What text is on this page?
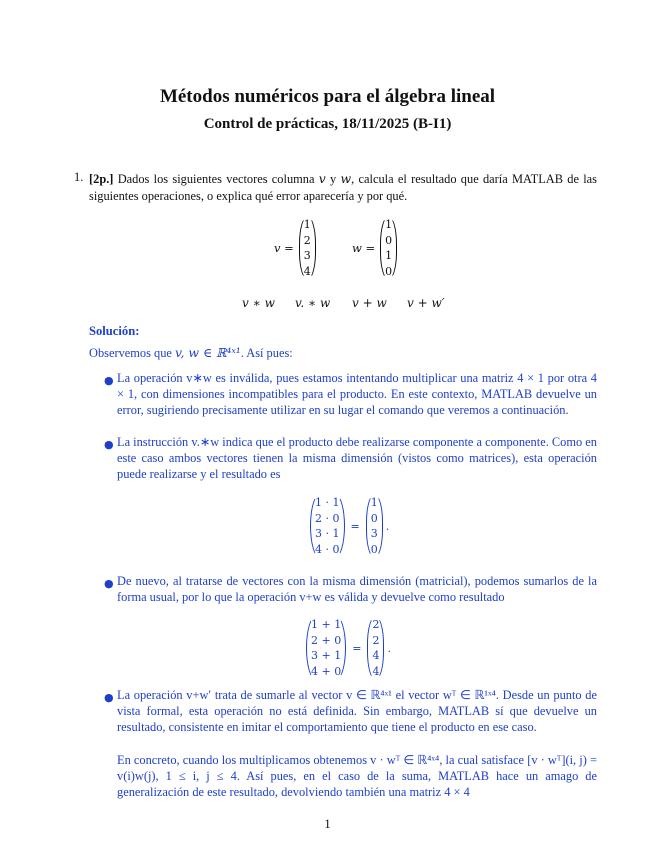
Métodos numéricos para el álgebra lineal
Control de prácticas, 18/11/2025 (B-I1)
1. [2p.] Dados los siguientes vectores columna v y w, calcula el resultado que daría MATLAB de las siguientes operaciones, o explica qué error aparecería y por qué.
v =
1
2
3
4
w =
1
0
1
0
v ∗ w v. ∗ w v + w v + w′
Solución:
Observemos que v, w ∈ ℝ⁴ˣ¹. Así pues:
● La operación v∗w es inválida, pues estamos intentando multiplicar una matriz 4 × 1 por otra 4 × 1, con dimensiones incompatibles para el producto. En este contexto, MATLAB devuelve un error, sugiriendo precisamente utilizar en su lugar el comando que veremos a continuación.
● La instrucción v.∗w indica que el producto debe realizarse componente a componente. Como en este caso ambos vectores tienen la misma dimensión (vistos como matrices), esta operación puede realizarse y el resultado es
1 · 1
2 · 0
3 · 1
4 · 0
=
1
0
3
0
.
● De nuevo, al tratarse de vectores con la misma dimensión (matricial), podemos sumarlos de la forma usual, por lo que la operación v+w es válida y devuelve como resultado
1 + 1
2 + 0
3 + 1
4 + 0
=
2
2
4
4
.
● La operación v+w′ trata de sumarle al vector v ∈ ℝ⁴ˣ¹ el vector wᵀ ∈ ℝ¹ˣ⁴. Desde un punto de vista formal, esta operación no está definida. Sin embargo, MATLAB sí que devuelve un resultado, consistente en imitar el comportamiento que tiene el producto en ese caso.
En concreto, cuando los multiplicamos obtenemos v · wᵀ ∈ ℝ⁴ˣ⁴, la cual satisface [v · wᵀ](i, j) = v(i)w(j), 1 ≤ i, j ≤ 4. Así pues, en el caso de la suma, MATLAB hace un amago de generalización de este resultado, devolviendo también una matriz 4 × 4
1
